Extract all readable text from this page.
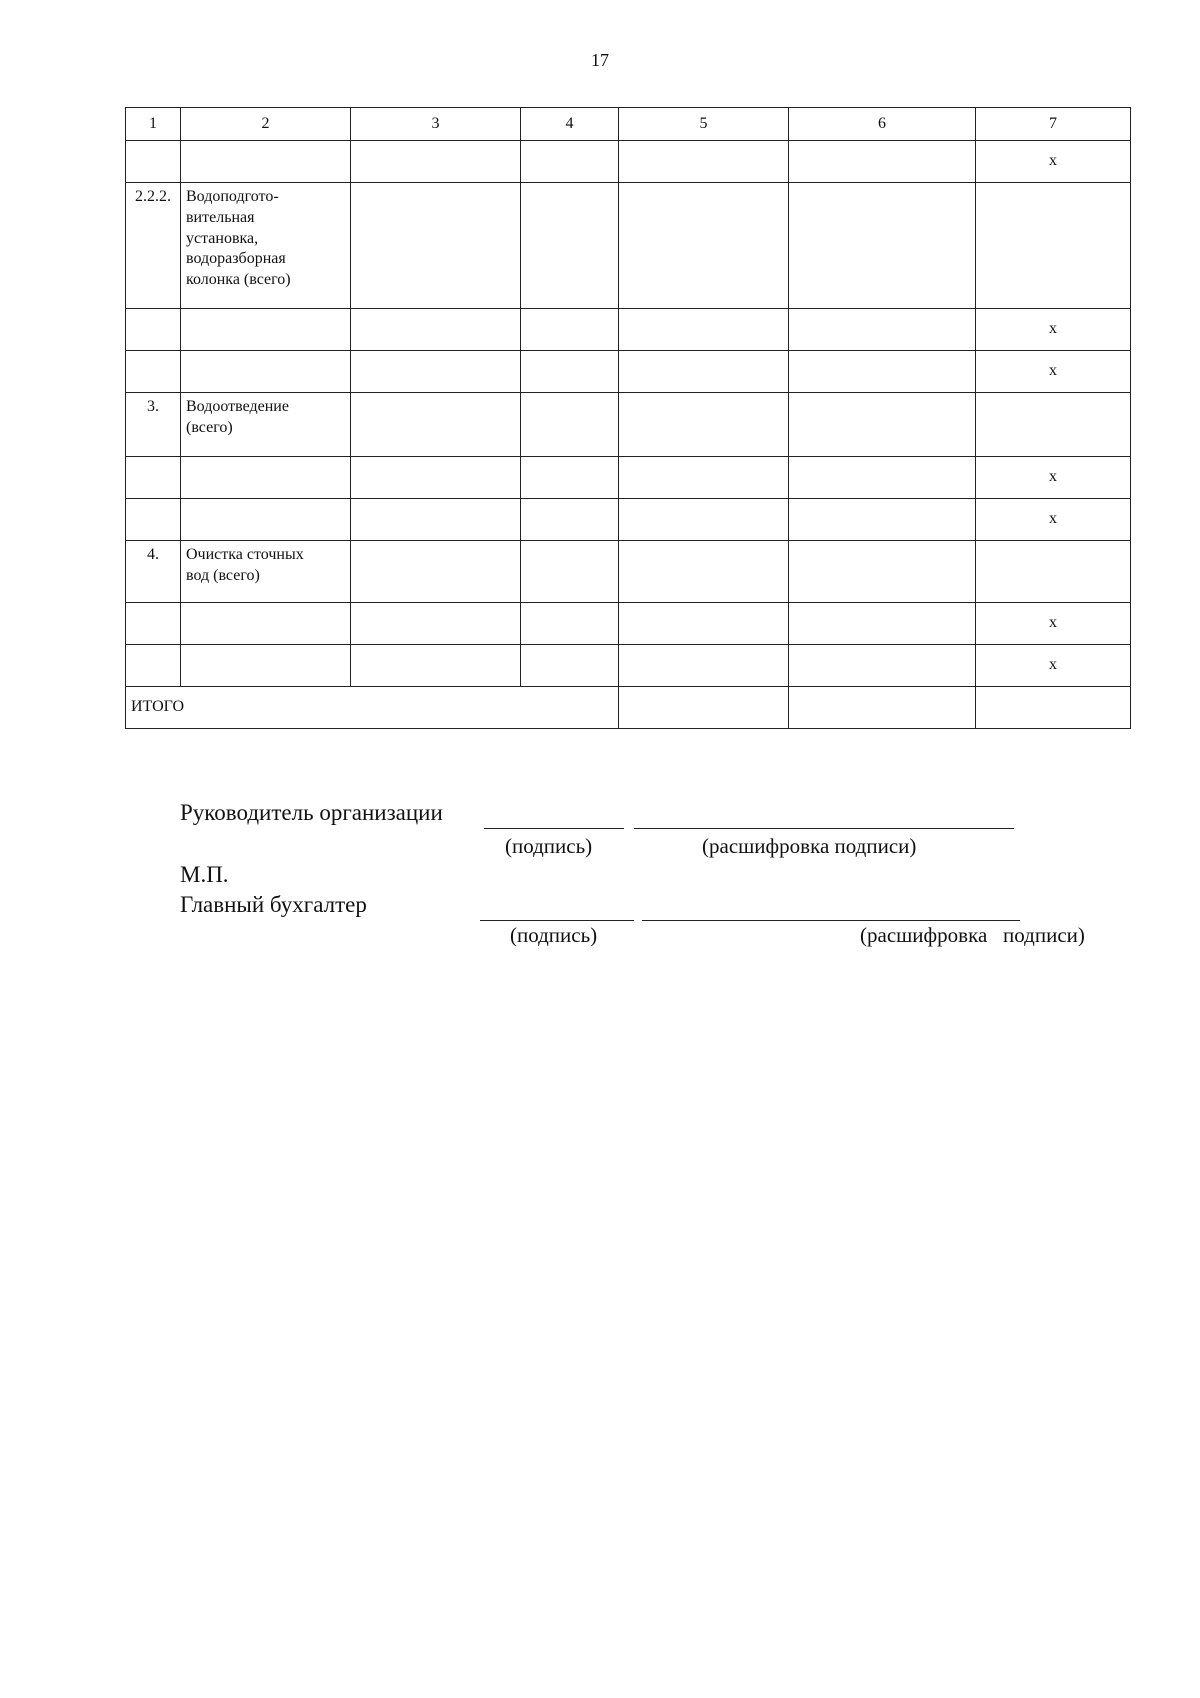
17
1	2	3	4	5	6	7
						x
2.2.2.	Водоподгото-
вительная
установка,
водоразборная
колонка (всего)					
						x
						x
3.	Водоотведение
(всего)					
						x
						x
4.	Очистка сточных
вод (всего)					
						x
						x
ИТОГО						
Руководитель организации
(подпись)	(расшифровка подписи)
М.П.
Главный бухгалтер
(подпись)	(расшифровка   подписи)
